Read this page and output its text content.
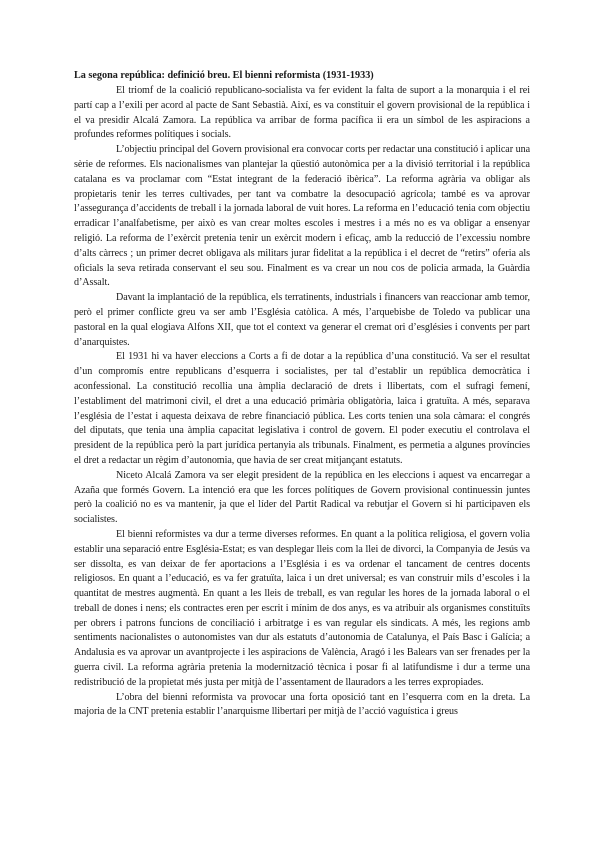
La segona república: definició breu. El bienni reformista (1931-1933)

El triomf de la coalició republicano-socialista va fer evident la falta de suport a la monarquia i el rei partí cap a l’exili per acord al pacte de Sant Sebastià. Així, es va constituir el govern provisional de la república i el va presidir Alcalá Zamora. La república va arribar de forma pacífica ii era un símbol de les aspiracions a profundes reformes polítiques i socials.

L’objectiu principal del Govern provisional era convocar corts per redactar una constitució i aplicar una sèrie de reformes. Els nacionalismes van plantejar la qüestió autonòmica per a la divisió territorial i la república catalana es va proclamar com “Estat integrant de la federació ibèrica”. La reforma agrària va obligar als propietaris tenir les terres cultivades, per tant va combatre la desocupació agrícola; també es va aprovar l’assegurança d’accidents de treball i la jornada laboral de vuit hores. La reforma en l’educació tenia com objectiu erradicar l’analfabetisme, per això es van crear moltes escoles i mestres i a més no es va obligar a ensenyar religió. La reforma de l’exèrcit pretenia tenir un exèrcit modern i eficaç, amb la reducció de l’excessiu nombre d’alts càrrecs ; un primer decret obligava als militars jurar fidelitat a la república i el decret de “retirs” oferia als oficials la seva retirada conservant el seu sou. Finalment es va crear un nou cos de policia armada, la Guàrdia d’Assalt.

Davant la implantació de la república, els terratinents, industrials i financers van reaccionar amb temor, però el primer conflicte greu va ser amb l’Església catòlica. A més, l’arquebisbe de Toledo va publicar una pastoral en la qual elogiava Alfons XII, que tot el context va generar el cremat ori d’esglésies i convents per part d’anarquistes.

El 1931 hi va haver eleccions a Corts a fi de dotar a la república d’una constitució. Va ser el resultat d’un compromís entre republicans d’esquerra i socialistes, per tal d’establir un república democràtica i aconfessional. La constitució recollia una àmplia declaració de drets i llibertats, com el sufragi femení, l’establiment del matrimoni civil, el dret a una educació primària obligatòria, laica i gratuïta. A més, separava l’església de l’estat i aquesta deixava de rebre financiació pública. Les corts tenien una sola càmara: el congrés del diputats, que tenia una àmplia capacitat legislativa i control de govern. El poder executiu el controlava el president de la república però la part jurídica pertanyia als tribunals. Finalment, es permetia a algunes províncies el dret a redactar un règim d’autonomia, que havia de ser creat mitjançant estatuts.

Niceto Alcalá Zamora va ser elegit president de la república en les eleccions i aquest va encarregar a Azaña que formés Govern. La intenció era que les forces polítiques de Govern provisional continuessin juntes però la coalició no es va mantenir, ja que el líder del Partit Radical va rebutjar el Govern si hi participaven els socialistes.

El bienni reformistes va dur a terme diverses reformes. En quant a la política religiosa, el govern volia establir una separació entre Església-Estat; es van desplegar lleis com la llei de divorci, la Companyia de Jesús va ser dissolta, es van deixar de fer aportacions a l’Església i es va ordenar el tancament de centres docents religiosos. En quant a l’educació, es va fer gratuïta, laica i un dret universal; es van construir mils d’escoles i la quantitat de mestres augmentà. En quant a les lleis de treball, es van regular les hores de la jornada laboral o el treball de dones i nens; els contractes eren per escrit i mínim de dos anys, es va atribuir als organismes constituïts per obrers i patrons funcions de conciliació i arbitratge i es van regular els sindicats. A més, les regions amb sentiments nacionalistes o autonomistes van dur als estatuts d’autonomia de Catalunya, el País Basc i Galícia; a Andalusia es va aprovar un avantprojecte i les aspiracions de València, Aragó i les Balears van ser frenades per la guerra civil. La reforma agrària pretenia la modernització tècnica i posar fi al latifundisme i dur a terme una redistribució de la propietat més justa per mitjà de l’assentament de llauradors a les terres expropiades.

L’obra del bienni reformista va provocar una forta oposició tant en l’esquerra com en la dreta. La majoria de la CNT pretenia establir l’anarquisme llibertari per mitjà de l’acció vaguística i greus
